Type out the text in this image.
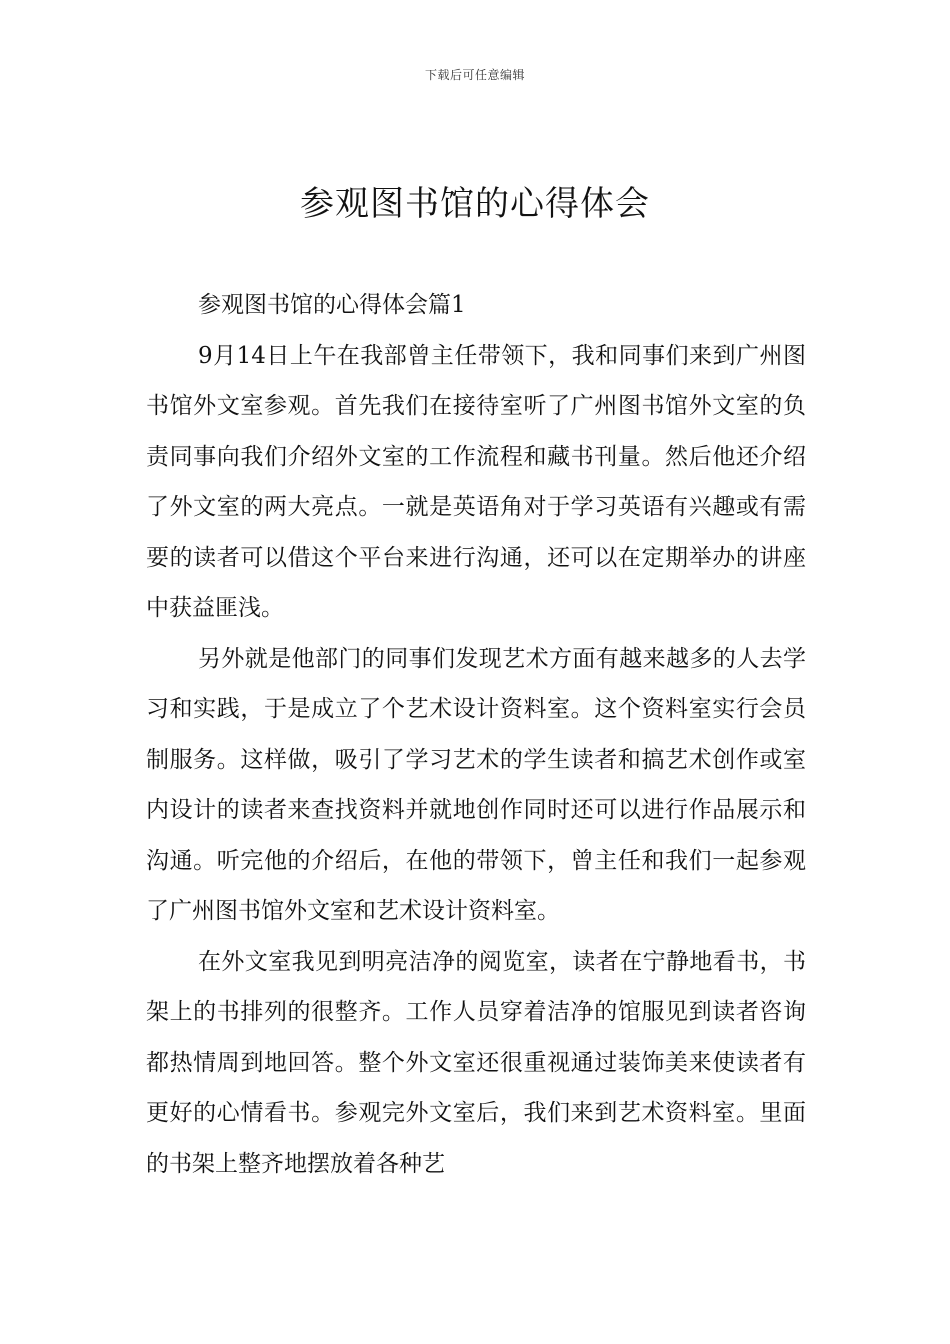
下载后可任意编辑
参观图书馆的心得体会

参观图书馆的心得体会篇1

9月14日上午在我部曾主任带领下，我和同事们来到广州图书馆外文室参观。首先我们在接待室听了广州图书馆外文室的负责同事向我们介绍外文室的工作流程和藏书刊量。然后他还介绍了外文室的两大亮点。一就是英语角对于学习英语有兴趣或有需要的读者可以借这个平台来进行沟通，还可以在定期举办的讲座中获益匪浅。

另外就是他部门的同事们发现艺术方面有越来越多的人去学习和实践，于是成立了个艺术设计资料室。这个资料室实行会员制服务。这样做，吸引了学习艺术的学生读者和搞艺术创作或室内设计的读者来查找资料并就地创作同时还可以进行作品展示和沟通。听完他的介绍后，在他的带领下，曾主任和我们一起参观了广州图书馆外文室和艺术设计资料室。

在外文室我见到明亮洁净的阅览室，读者在宁静地看书，书架上的书排列的很整齐。工作人员穿着洁净的馆服见到读者咨询都热情周到地回答。整个外文室还很重视通过装饰美来使读者有更好的心情看书。参观完外文室后，我们来到艺术资料室。里面的书架上整齐地摆放着各种艺
